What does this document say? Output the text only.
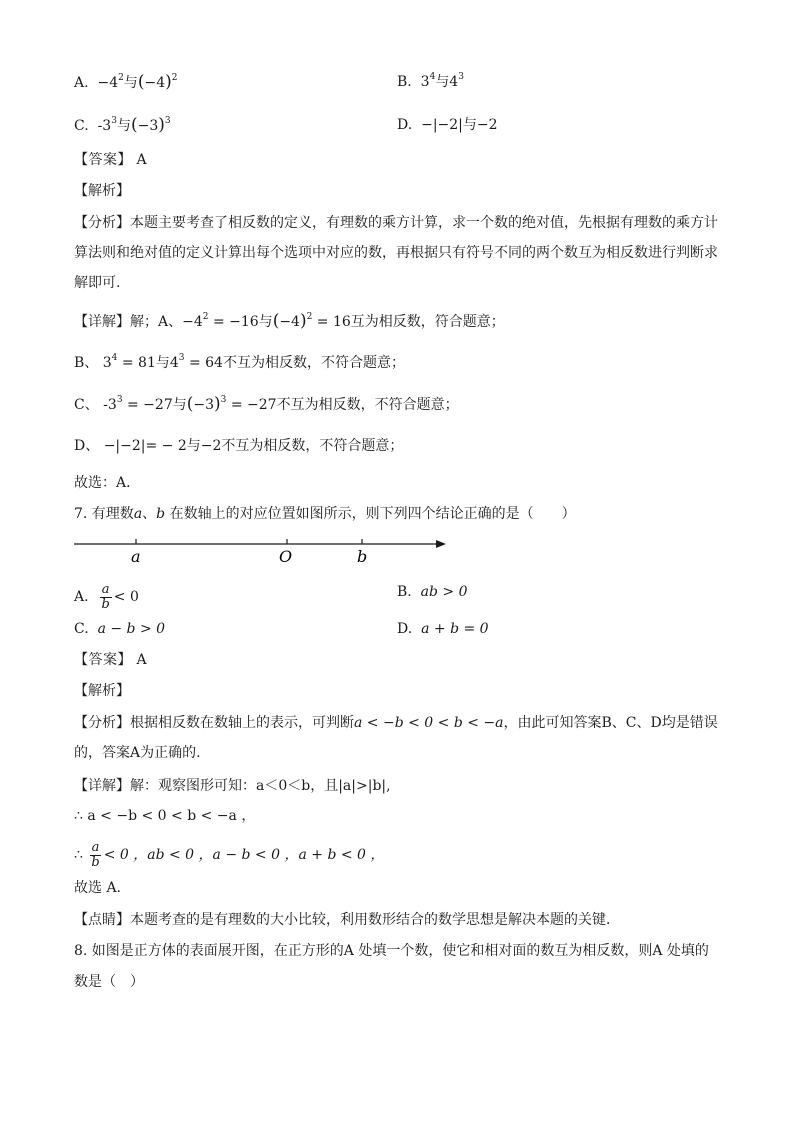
A. $-4^2$与$(-4)^2$	B. $3^4$与$4^3$
C. $-3^3$与$(-3)^3$	D. −|−2|与−2
【答案】 A
【解析】
【分析】本题主要考查了相反数的定义，有理数的乘方计算，求一个数的绝对值，先根据有理数的乘方计
算法则和绝对值的定义计算出每个选项中对应的数，再根据只有符号不同的两个数互为相反数进行判断求
解即可.
【详解】解；A、$-4^2 = -16$与$(-4)^2 = 16$互为相反数，符合题意；
B、 $3^4 = 81$与$4^3 = 64$不互为相反数，不符合题意；
C、 $-3^3 = -27$与$(-3)^3 = -27$不互为相反数，不符合题意；
D、 −|−2|= − 2与−2不互为相反数，不符合题意；
故选：A．
7. 有理数a、b 在数轴上的对应位置如图所示，则下列四个结论正确的是（　　）
a	O	b
A. $\frac{a}{b} < 0$	B. ab > 0
C. a − b > 0	D. a + b = 0
【答案】 A
【解析】
【分析】根据相反数在数轴上的表示，可判断a < −b < 0 < b < −a，由此可知答案B、C、D均是错误
的，答案A为正确的.
【详解】解：观察图形可知：a＜0＜b，且|a|>|b|,
∴ a < −b < 0 < b < −a ，
∴ $\frac{a}{b} < 0$ ，ab < 0 ，a − b < 0 ，a + b < 0 ，
故选 A.
【点睛】本题考查的是有理数的大小比较，利用数形结合的数学思想是解决本题的关键．
8. 如图是正方体的表面展开图，在正方形的A 处填一个数，使它和相对面的数互为相反数，则A 处填的
数是（　）
